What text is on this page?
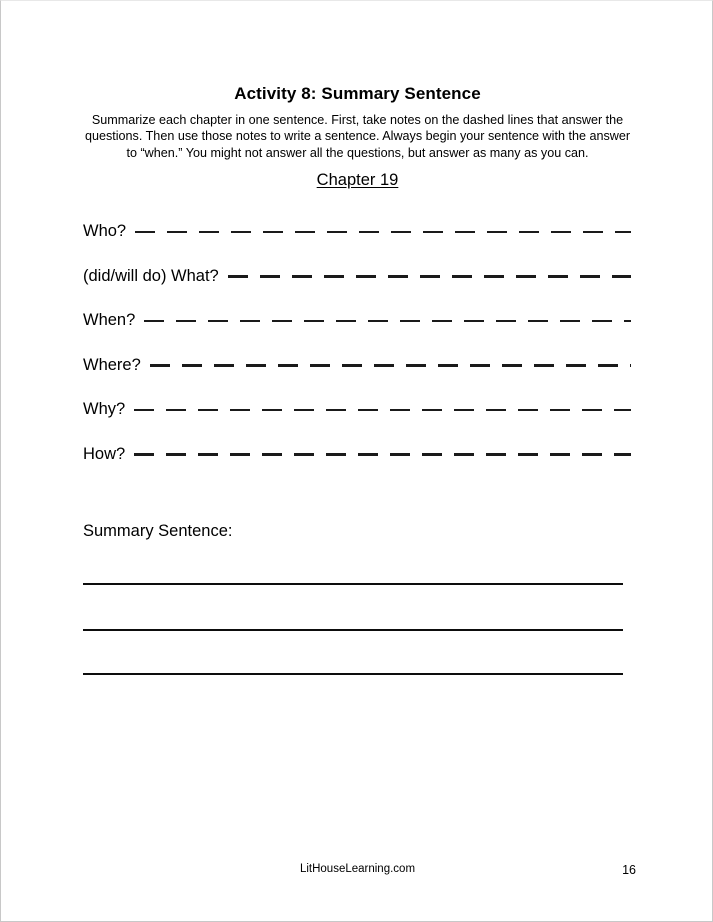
Activity 8: Summary Sentence
Summarize each chapter in one sentence. First, take notes on the dashed lines that answer the questions. Then use those notes to write a sentence. Always begin your sentence with the answer to “when.” You might not answer all the questions, but answer as many as you can.
Chapter 19
Who?
(did/will do) What?
When?
Where?
Why?
How?
Summary Sentence:
LitHouseLearning.com	16
